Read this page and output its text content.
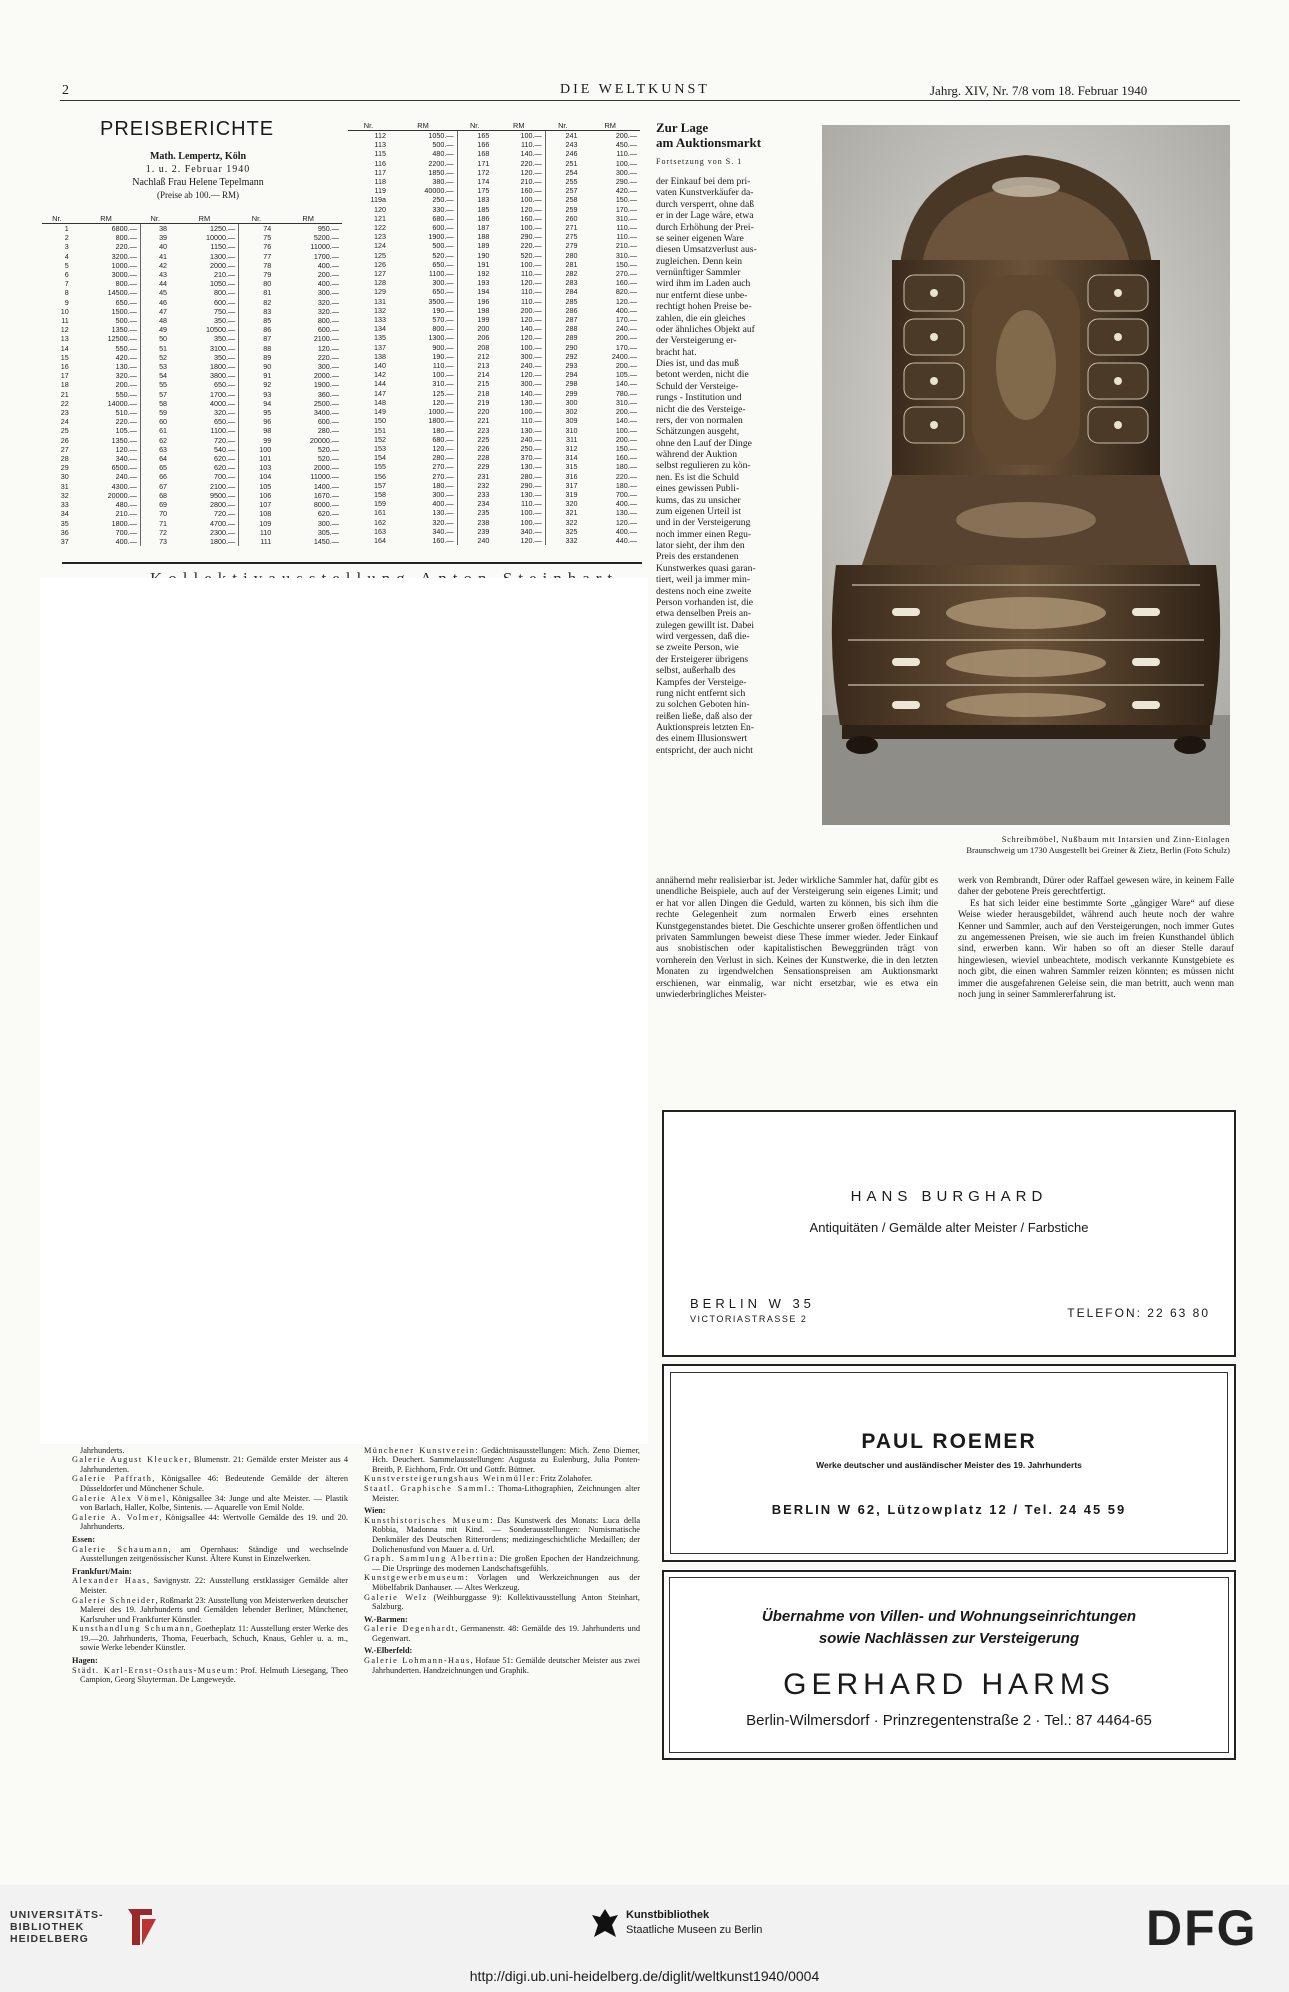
2	DIE WELTKUNST	Jahrg. XIV, Nr. 7/8 vom 18. Februar 1940
PREISBERICHTE
Math. Lempertz, Köln
1. u. 2. Februar 1940
Nachlaß Frau Helene Tepelmann
(Preise ab 100.— RM)
Nr.	RM	Nr.	RM	Nr.	RM
1	6800.—	38	1250.—	74	950.—
2	800.—	39	10000.—	75	5200.—
3	220.—	40	1150.—	76	11000.—
4	3200.—	41	1300.—	77	1700.—
5	1000.—	42	2000.—	78	400.—
6	3000.—	43	210.—	79	200.—
7	800.—	44	1050.—	80	400.—
8	14500.—	45	800.—	81	300.—
9	650.—	46	600.—	82	320.—
10	1500.—	47	750.—	83	320.—
11	500.—	48	350.—	85	800.—
12	1350.—	49	10500.—	86	600.—
13	12500.—	50	350.—	87	2100.—
14	550.—	51	3100.—	88	120.—
15	420.—	52	350.—	89	220.—
16	130.—	53	1800.—	90	300.—
17	320.—	54	3800.—	91	2000.—
18	200.—	55	650.—	92	1900.—
21	550.—	57	1700.—	93	360.—
22	14000.—	58	4000.—	94	2500.—
23	510.—	59	320.—	95	3400.—
24	220.—	60	650.—	96	600.—
25	105.—	61	1100.—	98	280.—
26	1350.—	62	720.—	99	20000.—
27	120.—	63	540.—	100	520.—
28	340.—	64	620.—	101	520.—
29	6500.—	65	620.—	103	2000.—
30	240.—	66	700.—	104	11000.—
31	4300.—	67	2100.—	105	1400.—
32	20000.—	68	9500.—	106	1670.—
33	480.—	69	2800.—	107	8000.—
34	210.—	70	720.—	108	620.—
35	1800.—	71	4700.—	109	300.—
36	700.—	72	2300.—	110	305.—
37	400.—	73	1800.—	111	1450.—
Nr.	RM	Nr.	RM	Nr.	RM
112	1050.—	165	100.—	241	200.—
113	500.—	166	110.—	243	450.—
115	480.—	168	140.—	246	110.—
116	2200.—	171	220.—	251	100.—
117	1850.—	172	120.—	254	300.—
118	380.—	174	210.—	255	290.—
119	40000.—	175	160.—	257	420.—
119a	250.—	183	100.—	258	150.—
120	330.—	185	120.—	259	170.—
121	680.—	186	160.—	260	310.—
122	600.—	187	100.—	271	110.—
123	1900.—	188	290.—	275	110.—
124	500.—	189	220.—	279	210.—
125	520.—	190	520.—	280	310.—
126	650.—	191	100.—	281	150.—
127	1100.—	192	110.—	282	270.—
128	300.—	193	120.—	283	160.—
129	650.—	194	110.—	284	820.—
131	3500.—	196	110.—	285	120.—
132	190.—	198	200.—	286	400.—
133	570.—	199	120.—	287	170.—
134	800.—	200	140.—	288	240.—
135	1300.—	206	120.—	289	200.—
137	900.—	208	100.—	290	170.—
138	190.—	212	300.—	292	2400.—
140	110.—	213	240.—	293	200.—
142	100.—	214	120.—	294	105.—
144	310.—	215	300.—	298	140.—
147	125.—	218	140.—	299	780.—
148	120.—	219	130.—	300	310.—
149	1000.—	220	100.—	302	200.—
150	1800.—	221	110.—	309	140.—
151	180.—	223	130.—	310	100.—
152	680.—	225	240.—	311	200.—
153	120.—	226	250.—	312	150.—
154	280.—	228	370.—	314	160.—
155	270.—	229	130.—	315	180.—
156	270.—	231	280.—	316	220.—
157	180.—	232	290.—	317	180.—
158	300.—	233	130.—	319	700.—
159	400.—	234	110.—	320	400.—
161	130.—	235	100.—	321	130.—
162	320.—	238	100.—	322	120.—
163	340.—	239	340.—	325	400.—
164	160.—	240	120.—	332	440.—
Jahrhunderts.
Galerie August Kleucker, Blumenstr. 21: Gemälde erster Meister aus 4 Jahrhunderten.
Galerie Paffrath, Königsallee 46: Bedeutende Gemälde der älteren Düsseldorfer und Münchener Schule.
Galerie Alex Vömel, Königsallee 34: Junge und alte Meister. — Plastik von Barlach, Haller, Kolbe, Sintenis. — Aquarelle von Emil Nolde.
Galerie A. Volmer, Königsallee 44: Wertvolle Gemälde des 19. und 20. Jahrhunderts.
Essen:
Galerie Schaumann, am Opernhaus: Ständige und wechselnde Ausstellungen zeitgenössischer Kunst. Ältere Kunst in Einzelwerken.
Frankfurt/Main:
Alexander Haas, Savignystr. 22: Ausstellung erstklassiger Gemälde alter Meister.
Galerie Schneider, Roßmarkt 23: Ausstellung von Meisterwerken deutscher Malerei des 19. Jahrhunderts und Gemälden lebender Berliner, Münchener, Karlsruher und Frankfurter Künstler.
Kunsthandlung Schumann, Goetheplatz 11: Ausstellung erster Werke des 19.—20. Jahrhunderts, Thoma, Feuerbach, Schuch, Knaus, Gehler u. a. m., sowie Werke lebender Künstler.
Hagen:
Städt. Karl-Ernst-Osthaus-Museum: Prof. Helmuth Liesegang, Theo Campion, Georg Sluyterman. De Langeweyde.
Münchener Kunstverein: Gedächtnisausstellungen: Mich. Zeno Diemer, Hch. Deuchert. Sammelausstellungen: Augusta zu Eulenburg, Julia Ponten-Breitb, P. Eichhorn, Frdr. Ott und Gottfr. Büttner.
Kunstversteigerungshaus Weinmüller: Fritz Zolahofer.
Staatl. Graphische Samml.: Thoma-Lithographien, Zeichnungen alter Meister.
Wien:
Kunsthistorisches Museum: Das Kunstwerk des Monats: Luca della Robbia, Madonna mit Kind. — Sonderausstellungen: Numismatische Denkmäler des Deutschen Ritterordens; medizingeschichtliche Medaillen; der Dolichenusfund von Mauer a. d. Url.
Graph. Sammlung Albertina: Die großen Epochen der Handzeichnung. — Die Ursprünge des modernen Landschaftsgefühls.
Kunstgewerbemuseum: Vorlagen und Werkzeichnungen aus der Möbelfabrik Danhauser. — Altes Werkzeug.
Galerie Welz (Weihburggasse 9): Kollektivausstellung Anton Steinhart, Salzburg.
W.-Barmen:
Galerie Degenhardt, Germanenstr. 48: Gemälde des 19. Jahrhunderts und Gegenwart.
W.-Elberfeld:
Galerie Lohmann-Haus, Hofaue 51: Gemälde deutscher Meister aus zwei Jahrhunderten. Handzeichnungen und Graphik.
Zur Lage
am Auktionsmarkt
Fortsetzung von S. 1
der Einkauf bei dem pri-
vaten Kunstverkäufer da-
durch versperrt, ohne daß
er in der Lage wäre, etwa
durch Erhöhung der Prei-
se seiner eigenen Ware
diesen Umsatzverlust aus-
zugleichen. Denn kein
vernünftiger Sammler
wird ihm im Laden auch
nur entfernt diese unbe-
rechtigt hohen Preise be-
zahlen, die ein gleiches
oder ähnliches Objekt auf
der Versteigerung er-
bracht hat.
Dies ist, und das muß
betont werden, nicht die
Schuld der Versteige-
rungs - Institution und
nicht die des Versteige-
rers, der von normalen
Schätzungen ausgeht,
ohne den Lauf der Dinge
während der Auktion
selbst regulieren zu kön-
nen. Es ist die Schuld
eines gewissen Publi-
kums, das zu unsicher
zum eigenen Urteil ist
und in der Versteigerung
noch immer einen Regu-
lator sieht, der ihm den
Preis des erstandenen
Kunstwerkes quasi garan-
tiert, weil ja immer min-
destens noch eine zweite
Person vorhanden ist, die
etwa denselben Preis an-
zulegen gewillt ist. Dabei
wird vergessen, daß die-
se zweite Person, wie
der Ersteigerer übrigens
selbst, außerhalb des
Kampfes der Versteige-
rung nicht entfernt sich
zu solchen Geboten hin-
reißen ließe, daß also der
Auktionspreis letzten En-
des einem Illusionswert
entspricht, der auch nicht
Schreibmöbel, Nußbaum mit Intarsien und Zinn-Einlagen
Braunschweig um 1730 Ausgestellt bei Greiner & Zietz, Berlin (Foto Schulz)

annähernd mehr realisierbar ist. Jeder wirkliche Sammler hat, dafür gibt es unendliche Beispiele, auch auf der Versteigerung sein eigenes Limit; und er hat vor allen Dingen die Geduld, warten zu können, bis sich ihm die rechte Gelegenheit zum normalen Erwerb eines ersehnten Kunstgegenstandes bietet. Die Geschichte unserer großen öffentlichen und privaten Sammlungen beweist diese These immer wieder. Jeder Einkauf aus snobistischen oder kapitalistischen Beweggründen trägt von vornherein den Verlust in sich. Keines der Kunstwerke, die in den letzten Monaten zu irgendwelchen Sensationspreisen am Auktionsmarkt erschienen, war einmalig, war nicht ersetzbar, wie es etwa ein unwiederbringliches Meister-

werk von Rembrandt, Dürer oder Raffael gewesen wäre, in keinem Falle daher der gebotene Preis gerechtfertigt.

Es hat sich leider eine bestimmte Sorte „gängiger Ware“ auf diese Weise wieder herausgebildet, während auch heute noch der wahre Kenner und Sammler, auch auf den Versteigerungen, noch immer Gutes zu angemessenen Preisen, wie sie auch im freien Kunsthandel üblich sind, erwerben kann. Wir haben so oft an dieser Stelle darauf hingewiesen, wieviel unbeachtete, modisch verkannte Kunstgebiete es noch gibt, die einen wahren Sammler reizen könnten; es müssen nicht immer die ausgefahrenen Geleise sein, die man betritt, auch wenn man noch jung in seiner Sammlererfahrung ist.

HANS BURGHARD
Antiquitäten / Gemälde alter Meister / Farbstiche
BERLIN W 35
VICTORIASTRASSE 2	TELEFON: 22 63 80
PAUL ROEMER
Werke deutscher und ausländischer Meister des 19. Jahrhunderts
BERLIN W 62, Lützowplatz 12 / Tel. 24 45 59
Übernahme von Villen- und Wohnungseinrichtungen
sowie Nachlässen zur Versteigerung
GERHARD HARMS
Berlin-Wilmersdorf · Prinzregentenstraße 2 · Tel.: 87 4464-65
UNIVERSITÄTS-
BIBLIOTHEK
HEIDELBERG
Kunstbibliothek
Staatliche Museen zu Berlin	DFG
http://digi.ub.uni-heidelberg.de/diglit/weltkunst1940/0004
